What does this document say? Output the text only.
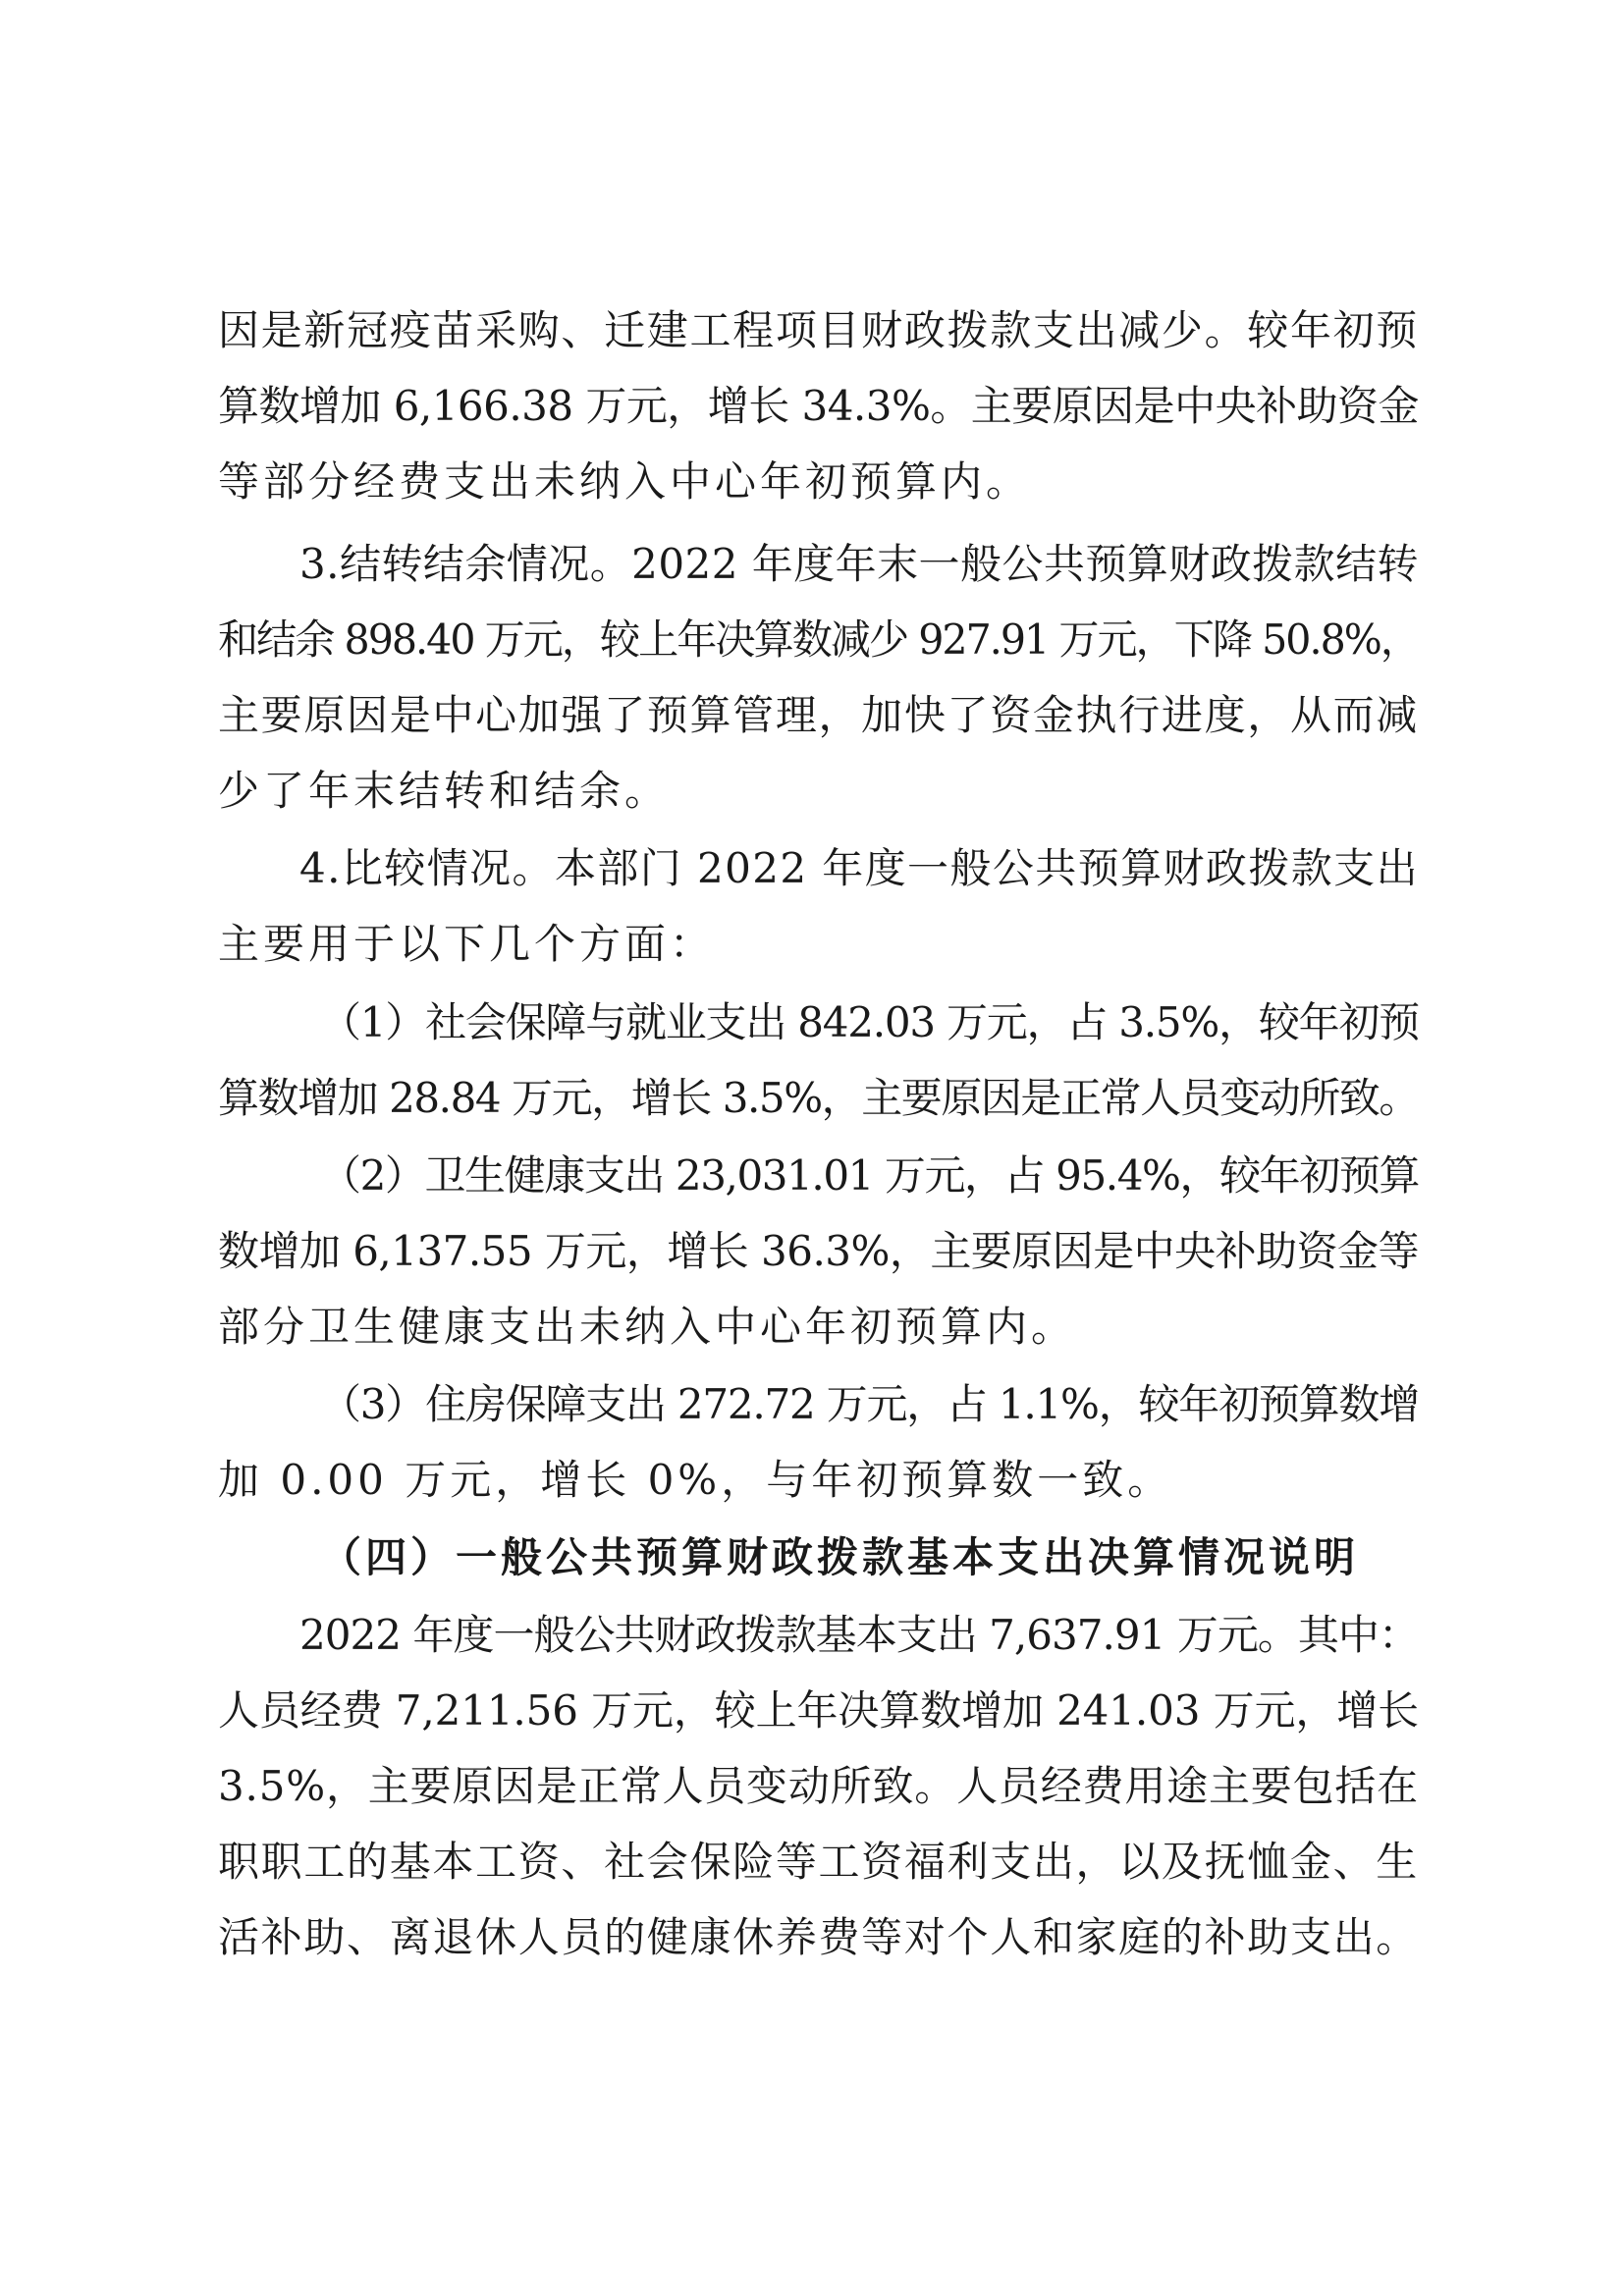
因是新冠疫苗采购、迁建工程项目财政拨款支出减少。较年初预
算数增加 6,166.38 万元，增长 34.3%。主要原因是中央补助资金
等部分经费支出未纳入中心年初预算内。
3.结转结余情况。2022 年度年末一般公共预算财政拨款结转
和结余 898.40 万元，较上年决算数减少 927.91 万元，下降 50.8%，
主要原因是中心加强了预算管理，加快了资金执行进度，从而减
少了年末结转和结余。
4.比较情况。本部门 2022 年度一般公共预算财政拨款支出
主要用于以下几个方面：
（1）社会保障与就业支出 842.03 万元，占 3.5%，较年初预
算数增加 28.84 万元，增长 3.5%，主要原因是正常人员变动所致。
（2）卫生健康支出 23,031.01 万元，占 95.4%，较年初预算
数增加 6,137.55 万元，增长 36.3%，主要原因是中央补助资金等
部分卫生健康支出未纳入中心年初预算内。
（3）住房保障支出 272.72 万元，占 1.1%，较年初预算数增
加 0.00 万元，增长 0%，与年初预算数一致。
（四）一般公共预算财政拨款基本支出决算情况说明
2022 年度一般公共财政拨款基本支出 7,637.91 万元。其中：
人员经费 7,211.56 万元，较上年决算数增加 241.03 万元，增长
3.5%，主要原因是正常人员变动所致。人员经费用途主要包括在
职职工的基本工资、社会保险等工资福利支出，以及抚恤金、生
活补助、离退休人员的健康休养费等对个人和家庭的补助支出。
